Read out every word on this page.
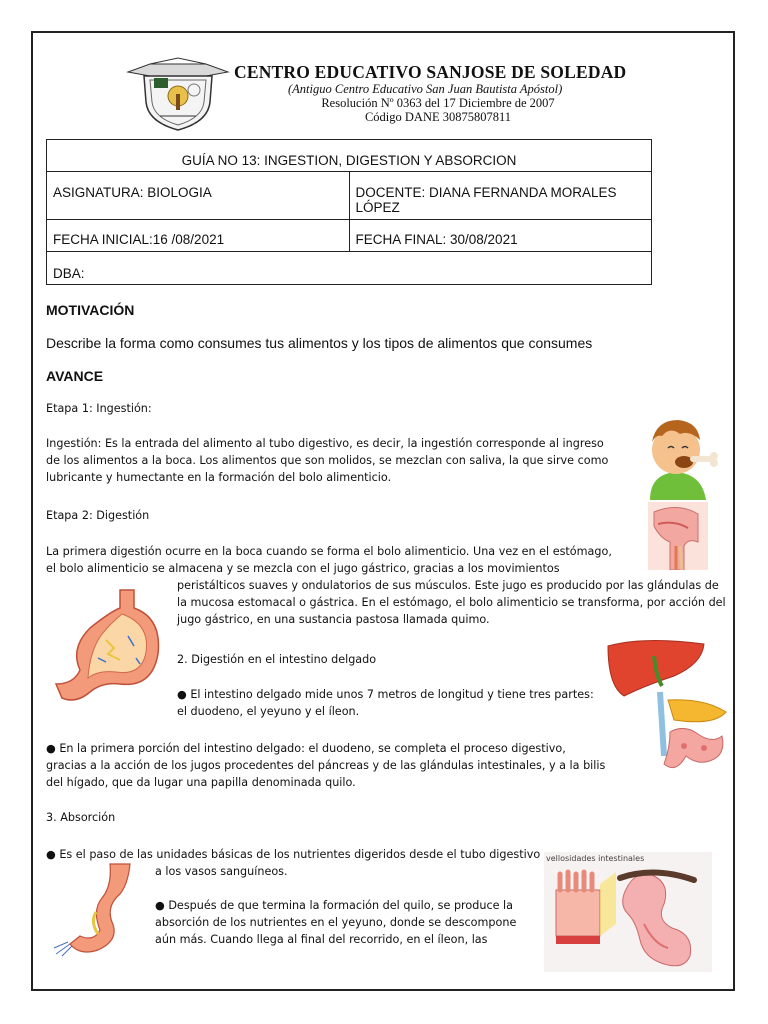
CENTRO EDUCATIVO SANJOSE DE SOLEDAD
(Antiguo Centro Educativo San Juan Bautista Apóstol)
Resolución Nº 0363 del 17 Diciembre de 2007
Código DANE 30875807811
GUÍA NO 13: INGESTION, DIGESTION Y ABSORCION	
ASIGNATURA: BIOLOGIA	DOCENTE: DIANA FERNANDA MORALES LÓPEZ
FECHA INICIAL:16 /08/2021	FECHA FINAL: 30/08/2021
DBA:	
MOTIVACIÓN
Describe la forma como consumes tus alimentos y los tipos de alimentos que consumes
AVANCE
Etapa 1: Ingestión:
Ingestión: Es la entrada del alimento al tubo digestivo, es decir, la ingestión corresponde al ingreso
de los alimentos a la boca. Los alimentos que son molidos, se mezclan con saliva, la que sirve como
lubricante y humectante en la formación del bolo alimenticio.
Etapa 2: Digestión
La primera digestión ocurre en la boca cuando se forma el bolo alimenticio. Una vez en el estómago,
el bolo alimenticio se almacena y se mezcla con el jugo gástrico, gracias a los movimientos
peristálticos suaves y ondulatorios de sus músculos. Este jugo es producido por las glándulas de
la mucosa estomacal o gástrica. En el estómago, el bolo alimenticio se transforma, por acción del
jugo gástrico, en una sustancia pastosa llamada quimo.
2. Digestión en el intestino delgado
● El intestino delgado mide unos 7 metros de longitud y tiene tres partes:
el duodeno, el yeyuno y el íleon.
● En la primera porción del intestino delgado: el duodeno, se completa el proceso digestivo,
gracias a la acción de los jugos procedentes del páncreas y de las glándulas intestinales, y a la bilis
del hígado, que da lugar una papilla denominada quilo.
3. Absorción
● Es el paso de las unidades básicas de los nutrientes digeridos desde el tubo digestivo
a los vasos sanguíneos.
● Después de que termina la formación del quilo, se produce la
absorción de los nutrientes en el yeyuno, donde se descompone
aún más. Cuando llega al final del recorrido, en el íleon, las
vellosidades intestinales
